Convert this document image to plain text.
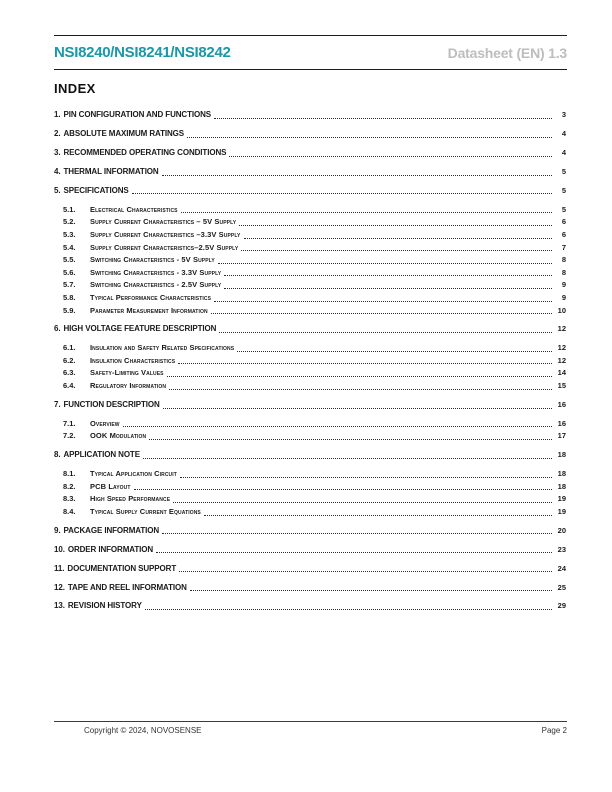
NSI8240/NSI8241/NSI8242	Datasheet (EN) 1.3
INDEX
1. PIN CONFIGURATION AND FUNCTIONS	3
2. ABSOLUTE MAXIMUM RATINGS	4
3. RECOMMENDED OPERATING CONDITIONS	4
4. THERMAL INFORMATION	5
5. SPECIFICATIONS	5
5.1.	Electrical Characteristics	5
5.2.	Supply Current Characteristics – 5V Supply	6
5.3.	Supply Current Characteristics –3.3V Supply	6
5.4.	Supply Current Characteristics–2.5V Supply	7
5.5.	Switching Characteristics - 5V Supply	8
5.6.	Switching Characteristics - 3.3V Supply	8
5.7.	Switching Characteristics - 2.5V Supply	9
5.8.	Typical Performance Characteristics	9
5.9.	Parameter Measurement Information	10
6. HIGH VOLTAGE FEATURE DESCRIPTION	12
6.1.	Insulation and Safety Related Specifications	12
6.2.	Insulation Characteristics	12
6.3.	Safety-Limiting Values	14
6.4.	Regulatory Information	15
7. FUNCTION DESCRIPTION	16
7.1.	Overview	16
7.2.	OOK Modulation	17
8. APPLICATION NOTE	18
8.1.	Typical Application Circuit	18
8.2.	PCB Layout	18
8.3.	High Speed Performance	19
8.4.	Typical Supply Current Equations	19
9. PACKAGE INFORMATION	20
10. ORDER INFORMATION	23
11. DOCUMENTATION SUPPORT	24
12. TAPE AND REEL INFORMATION	25
13. REVISION HISTORY	29
Copyright © 2024, NOVOSENSE	Page 2
